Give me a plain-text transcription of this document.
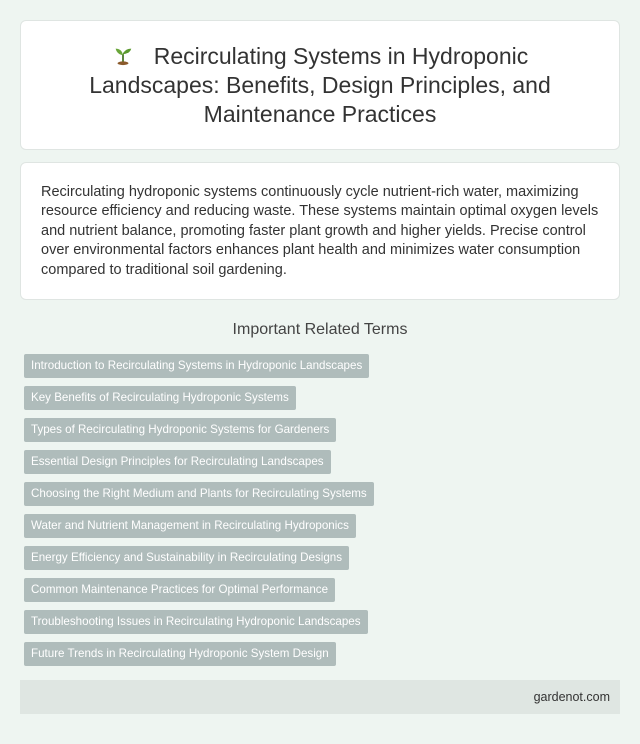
Recirculating Systems in Hydroponic Landscapes: Benefits, Design Principles, and Maintenance Practices

Recirculating hydroponic systems continuously cycle nutrient-rich water, maximizing resource efficiency and reducing waste. These systems maintain optimal oxygen levels and nutrient balance, promoting faster plant growth and higher yields. Precise control over environmental factors enhances plant health and minimizes water consumption compared to traditional soil gardening.

Important Related Terms
Introduction to Recirculating Systems in Hydroponic Landscapes
Key Benefits of Recirculating Hydroponic Systems
Types of Recirculating Hydroponic Systems for Gardeners
Essential Design Principles for Recirculating Landscapes
Choosing the Right Medium and Plants for Recirculating Systems
Water and Nutrient Management in Recirculating Hydroponics
Energy Efficiency and Sustainability in Recirculating Designs
Common Maintenance Practices for Optimal Performance
Troubleshooting Issues in Recirculating Hydroponic Landscapes
Future Trends in Recirculating Hydroponic System Design
gardenot.com
